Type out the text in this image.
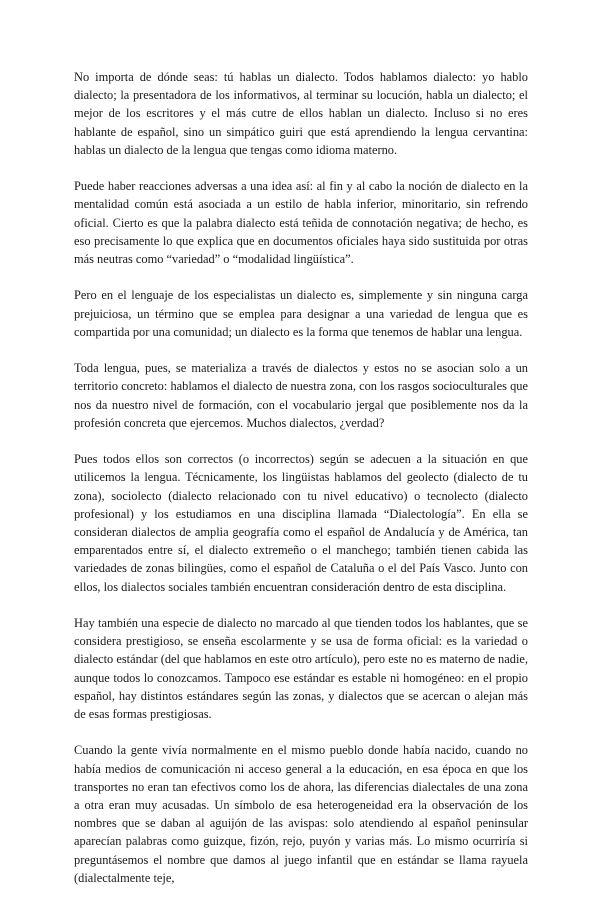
No importa de dónde seas: tú hablas un dialecto. Todos hablamos dialecto: yo hablo dialecto; la presentadora de los informativos, al terminar su locución, habla un dialecto; el mejor de los escritores y el más cutre de ellos hablan un dialecto. Incluso si no eres hablante de español, sino un simpático guiri que está aprendiendo la lengua cervantina: hablas un dialecto de la lengua que tengas como idioma materno.

Puede haber reacciones adversas a una idea así: al fin y al cabo la noción de dialecto en la mentalidad común está asociada a un estilo de habla inferior, minoritario, sin refrendo oficial. Cierto es que la palabra dialecto está teñida de connotación negativa; de hecho, es eso precisamente lo que explica que en documentos oficiales haya sido sustituida por otras más neutras como “variedad” o “modalidad lingüística”.

Pero en el lenguaje de los especialistas un dialecto es, simplemente y sin ninguna carga prejuiciosa, un término que se emplea para designar a una variedad de lengua que es compartida por una comunidad; un dialecto es la forma que tenemos de hablar una lengua.

Toda lengua, pues, se materializa a través de dialectos y estos no se asocian solo a un territorio concreto: hablamos el dialecto de nuestra zona, con los rasgos socioculturales que nos da nuestro nivel de formación, con el vocabulario jergal que posiblemente nos da la profesión concreta que ejercemos. Muchos dialectos, ¿verdad?

Pues todos ellos son correctos (o incorrectos) según se adecuen a la situación en que utilicemos la lengua. Técnicamente, los lingüistas hablamos del geolecto (dialecto de tu zona), sociolecto (dialecto relacionado con tu nivel educativo) o tecnolecto (dialecto profesional) y los estudiamos en una disciplina llamada “Dialectología”. En ella se consideran dialectos de amplia geografía como el español de Andalucía y de América, tan emparentados entre sí, el dialecto extremeño o el manchego; también tienen cabida las variedades de zonas bilingües, como el español de Cataluña o el del País Vasco. Junto con ellos, los dialectos sociales también encuentran consideración dentro de esta disciplina.

Hay también una especie de dialecto no marcado al que tienden todos los hablantes, que se considera prestigioso, se enseña escolarmente y se usa de forma oficial: es la variedad o dialecto estándar (del que hablamos en este otro artículo), pero este no es materno de nadie, aunque todos lo conozcamos. Tampoco ese estándar es estable ni homogéneo: en el propio español, hay distintos estándares según las zonas, y dialectos que se acercan o alejan más de esas formas prestigiosas.

Cuando la gente vivía normalmente en el mismo pueblo donde había nacido, cuando no había medios de comunicación ni acceso general a la educación, en esa época en que los transportes no eran tan efectivos como los de ahora, las diferencias dialectales de una zona a otra eran muy acusadas. Un símbolo de esa heterogeneidad era la observación de los nombres que se daban al aguijón de las avispas: solo atendiendo al español peninsular aparecían palabras como guizque, fizón, rejo, puyón y varias más. Lo mismo ocurriría si preguntásemos el nombre que damos al juego infantil que en estándar se llama rayuela (dialectalmente teje,
